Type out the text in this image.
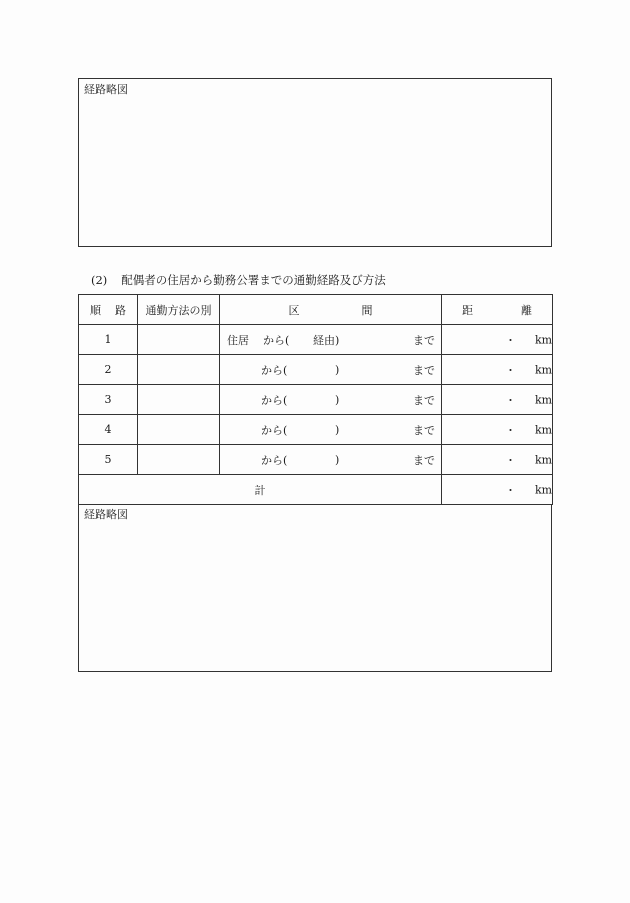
経路略図
(2) 配偶者の住居から勤務公署までの通勤経路及び方法
順 路	通勤方法の別	区 間	距 離
1		住居 から( 経由) まで	・ km

2		から( ) まで	・ km

3		から( ) まで	・ km

4		から( ) まで	・ km

5		から( ) まで	・ km

計			・ km
経路略図
